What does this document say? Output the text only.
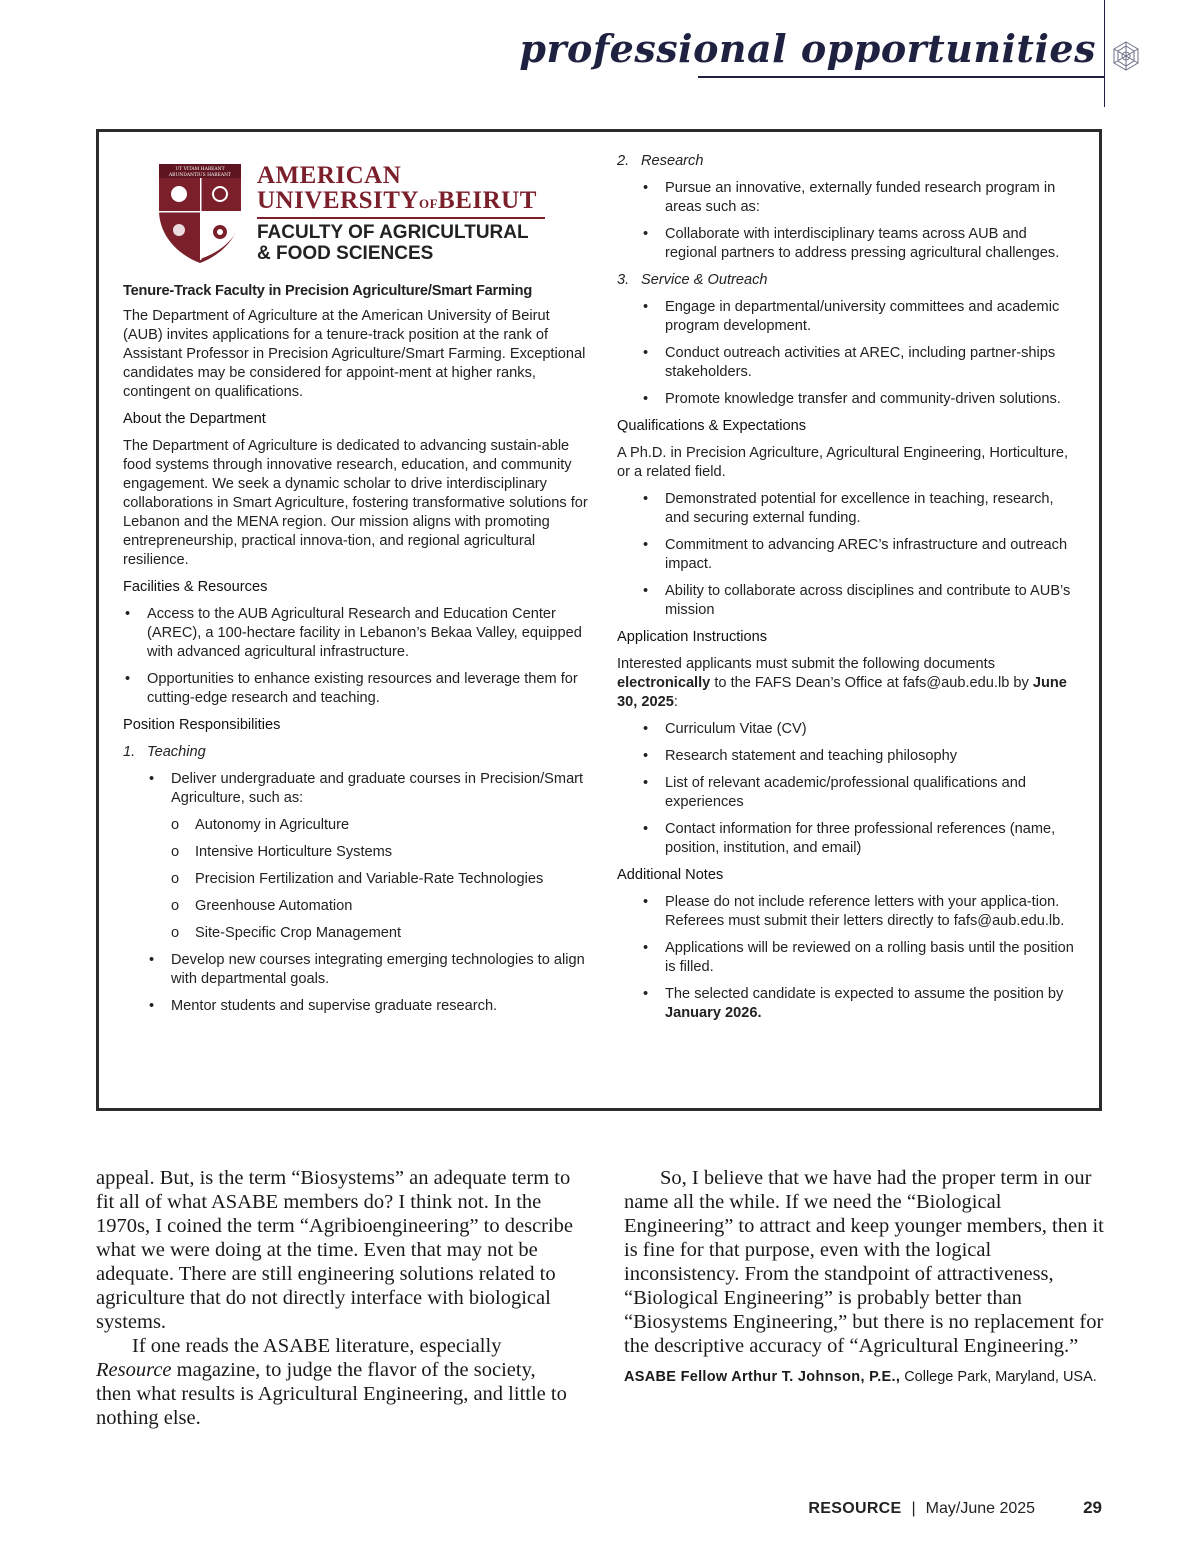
professional opportunities
UT VITAM HABEANT
ABUNDANTIUS HABEANT AMERICAN
UNIVERSITYOFBEIRUT
FACULTY OF AGRICULTURAL
& FOOD SCIENCES
Tenure-Track Faculty in Precision Agriculture/Smart Farming
The Department of Agriculture at the American University of Beirut (AUB) invites applications for a tenure-track position at the rank of Assistant Professor in Precision Agriculture/Smart Farming. Exceptional candidates may be considered for appoint-ment at higher ranks, contingent on qualifications.
About the Department
The Department of Agriculture is dedicated to advancing sustain-able food systems through innovative research, education, and community engagement. We seek a dynamic scholar to drive interdisciplinary collaborations in Smart Agriculture, fostering transformative solutions for Lebanon and the MENA region. Our mission aligns with promoting entrepreneurship, practical innova-tion, and regional agricultural resilience.
Facilities & Resources
• Access to the AUB Agricultural Research and Education Center (AREC), a 100-hectare facility in Lebanon’s Bekaa Valley, equipped with advanced agricultural infrastructure.
• Opportunities to enhance existing resources and leverage them for cutting-edge research and teaching.
Position Responsibilities
1. Teaching
• Deliver undergraduate and graduate courses in Precision/Smart Agriculture, such as:
o Autonomy in Agriculture
o Intensive Horticulture Systems
o Precision Fertilization and Variable-Rate Technologies
o Greenhouse Automation
o Site-Specific Crop Management
• Develop new courses integrating emerging technologies to align with departmental goals.
• Mentor students and supervise graduate research.
2. Research
• Pursue an innovative, externally funded research program in areas such as:
• Collaborate with interdisciplinary teams across AUB and regional partners to address pressing agricultural challenges.
3. Service & Outreach
• Engage in departmental/university committees and academic program development.
• Conduct outreach activities at AREC, including partner-ships stakeholders.
• Promote knowledge transfer and community-driven solutions.
Qualifications & Expectations
A Ph.D. in Precision Agriculture, Agricultural Engineering, Horticulture, or a related field.
• Demonstrated potential for excellence in teaching, research, and securing external funding.
• Commitment to advancing AREC’s infrastructure and outreach impact.
• Ability to collaborate across disciplines and contribute to AUB’s mission
Application Instructions
Interested applicants must submit the following documents electronically to the FAFS Dean’s Office at fafs@aub.edu.lb by June 30, 2025:
• Curriculum Vitae (CV)
• Research statement and teaching philosophy
• List of relevant academic/professional qualifications and experiences
• Contact information for three professional references (name, position, institution, and email)
Additional Notes
• Please do not include reference letters with your applica-tion. Referees must submit their letters directly to fafs@aub.edu.lb.
• Applications will be reviewed on a rolling basis until the position is filled.
• The selected candidate is expected to assume the position by January 2026.

appeal. But, is the term “Biosystems” an adequate term to fit all of what ASABE members do? I think not. In the 1970s, I coined the term “Agribioengineering” to describe what we were doing at the time. Even that may not be adequate. There are still engineering solutions related to agriculture that do not directly interface with biological systems.

If one reads the ASABE literature, especially Resource magazine, to judge the flavor of the society, then what results is Agricultural Engineering, and little to nothing else.

So, I believe that we have had the proper term in our name all the while. If we need the “Biological Engineering” to attract and keep younger members, then it is fine for that purpose, even with the logical inconsistency. From the standpoint of attractiveness, “Biological Engineering” is probably better than “Biosystems Engineering,” but there is no replacement for the descriptive accuracy of “Agricultural Engineering.”

ASABE Fellow Arthur T. Johnson, P.E., College Park, Maryland, USA.

RESOURCE | May/June 2025	29
